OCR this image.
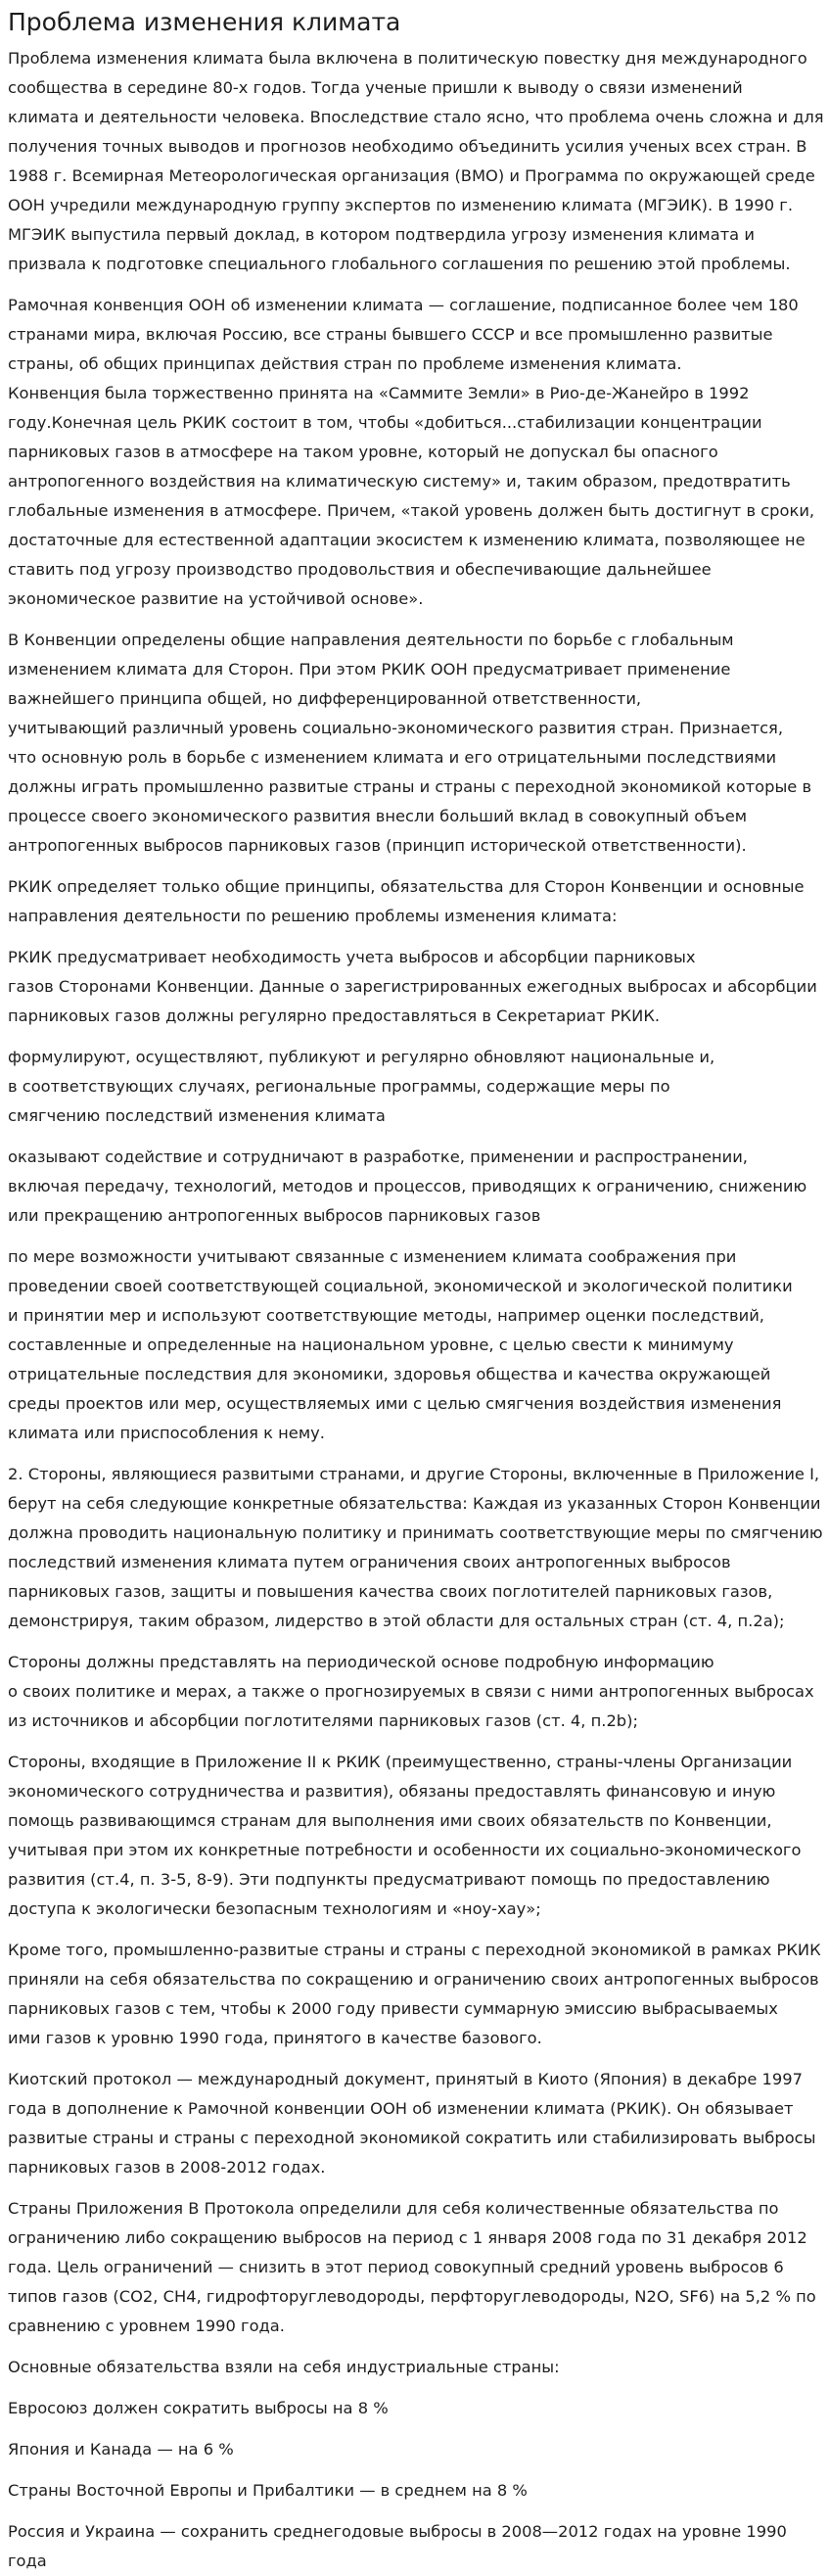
Проблема изменения климата
Проблема изменения климата была включена в политическую повестку дня международного
сообщества в середине 80-х годов. Тогда ученые пришли к выводу о связи изменений
климата и деятельности человека. Впоследствие стало ясно, что проблема очень сложна и для
получения точных выводов и прогнозов необходимо объединить усилия ученых всех стран. В
1988 г. Всемирная Метеорологическая организация (ВМО) и Программа по окружающей среде
ООН учредили международную группу экспертов по изменению климата (МГЭИК). В 1990 г.
МГЭИК выпустила первый доклад, в котором подтвердила угрозу изменения климата и
призвала к подготовке специального глобального соглашения по решению этой проблемы.
Рамочная конвенция ООН об изменении климата — соглашение, подписанное более чем 180
странами мира, включая Россию, все страны бывшего СССР и все промышленно развитые
страны, об общих принципах действия стран по проблеме изменения климата.
Конвенция была торжественно принята на «Саммите Земли» в Рио-де-Жанейро в 1992
году.Конечная цель РКИК состоит в том, чтобы «добиться...стабилизации концентрации
парниковых газов в атмосфере на таком уровне, который не допускал бы опасного
антропогенного воздействия на климатическую систему» и, таким образом, предотвратить
глобальные изменения в атмосфере. Причем, «такой уровень должен быть достигнут в сроки,
достаточные для естественной адаптации экосистем к изменению климата, позволяющее не
ставить под угрозу производство продовольствия и обеспечивающие дальнейшее
экономическое развитие на устойчивой основе».
В Конвенции определены общие направления деятельности по борьбе с глобальным
изменением климата для Сторон. При этом РКИК ООН предусматривает применение
важнейшего принципа общей, но дифференцированной ответственности,
учитывающий различный уровень социально-экономического развития стран. Признается,
что основную роль в борьбе с изменением климата и его отрицательными последствиями
должны играть промышленно развитые страны и страны с переходной экономикой которые в
процессе своего экономического развития внесли больший вклад в совокупный объем
антропогенных выбросов парниковых газов (принцип исторической ответственности).
РКИК определяет только общие принципы, обязательства для Сторон Конвенции и основные
направления деятельности по решению проблемы изменения климата:
РКИК предусматривает необходимость учета выбросов и абсорбции парниковых
газов Сторонами Конвенции. Данные о зарегистрированных ежегодных выбросах и абсорбции
парниковых газов должны регулярно предоставляться в Секретариат РКИК.
формулируют, осуществляют, публикуют и регулярно обновляют национальные и,
в соответствующих случаях, региональные программы, содержащие меры по
смягчению последствий изменения климата
оказывают содействие и сотрудничают в разработке, применении и распространении,
включая передачу, технологий, методов и процессов, приводящих к ограничению, снижению
или прекращению антропогенных выбросов парниковых газов
по мере возможности учитывают связанные с изменением климата соображения при
проведении своей соответствующей социальной, экономической и экологической политики
и принятии мер и используют соответствующие методы, например оценки последствий,
составленные и определенные на национальном уровне, с целью свести к минимуму
отрицательные последствия для экономики, здоровья общества и качества окружающей
среды проектов или мер, осуществляемых ими с целью смягчения воздействия изменения
климата или приспособления к нему.
2. Стороны, являющиеся развитыми странами, и другие Стороны, включенные в Приложение I,
берут на себя следующие конкретные обязательства: Каждая из указанных Сторон Конвенции
должна проводить национальную политику и принимать соответствующие меры по смягчению
последствий изменения климата путем ограничения своих антропогенных выбросов
парниковых газов, защиты и повышения качества своих поглотителей парниковых газов,
демонстрируя, таким образом, лидерство в этой области для остальных стран (ст. 4, п.2а);
Стороны должны представлять на периодической основе подробную информацию
о своих политике и мерах, а также о прогнозируемых в связи с ними антропогенных выбросах
из источников и абсорбции поглотителями парниковых газов (ст. 4, п.2b);
Стороны, входящие в Приложение II к РКИК (преимущественно, страны-члены Организации
экономического сотрудничества и развития), обязаны предоставлять финансовую и иную
помощь развивающимся странам для выполнения ими своих обязательств по Конвенции,
учитывая при этом их конкретные потребности и особенности их социально-экономического
развития (ст.4, п. 3-5, 8-9). Эти подпункты предусматривают помощь по предоставлению
доступа к экологически безопасным технологиям и «ноу-хау»;
Кроме того, промышленно-развитые страны и страны с переходной экономикой в рамках РКИК
приняли на себя обязательства по сокращению и ограничению своих антропогенных выбросов
парниковых газов с тем, чтобы к 2000 году привести суммарную эмиссию выбрасываемых
ими газов к уровню 1990 года, принятого в качестве базового.
Киотский протокол — международный документ, принятый в Киото (Япония) в декабре 1997
года в дополнение к Рамочной конвенции ООН об изменении климата (РКИК). Он обязывает
развитые страны и страны с переходной экономикой сократить или стабилизировать выбросы
парниковых газов в 2008-2012 годах.
Страны Приложения В Протокола определили для себя количественные обязательства по
ограничению либо сокращению выбросов на период с 1 января 2008 года по 31 декабря 2012
года. Цель ограничений — снизить в этот период совокупный средний уровень выбросов 6
типов газов (СО2, СН4, гидрофторуглеводороды, перфторуглеводороды, N2O, SF6) на 5,2 % по
сравнению с уровнем 1990 года.
Основные обязательства взяли на себя индустриальные страны:
Евросоюз должен сократить выбросы на 8 %
Япония и Канада — на 6 %
Страны Восточной Европы и Прибалтики — в среднем на 8 %
Россия и Украина — сохранить среднегодовые выбросы в 2008—2012 годах на уровне 1990
года
